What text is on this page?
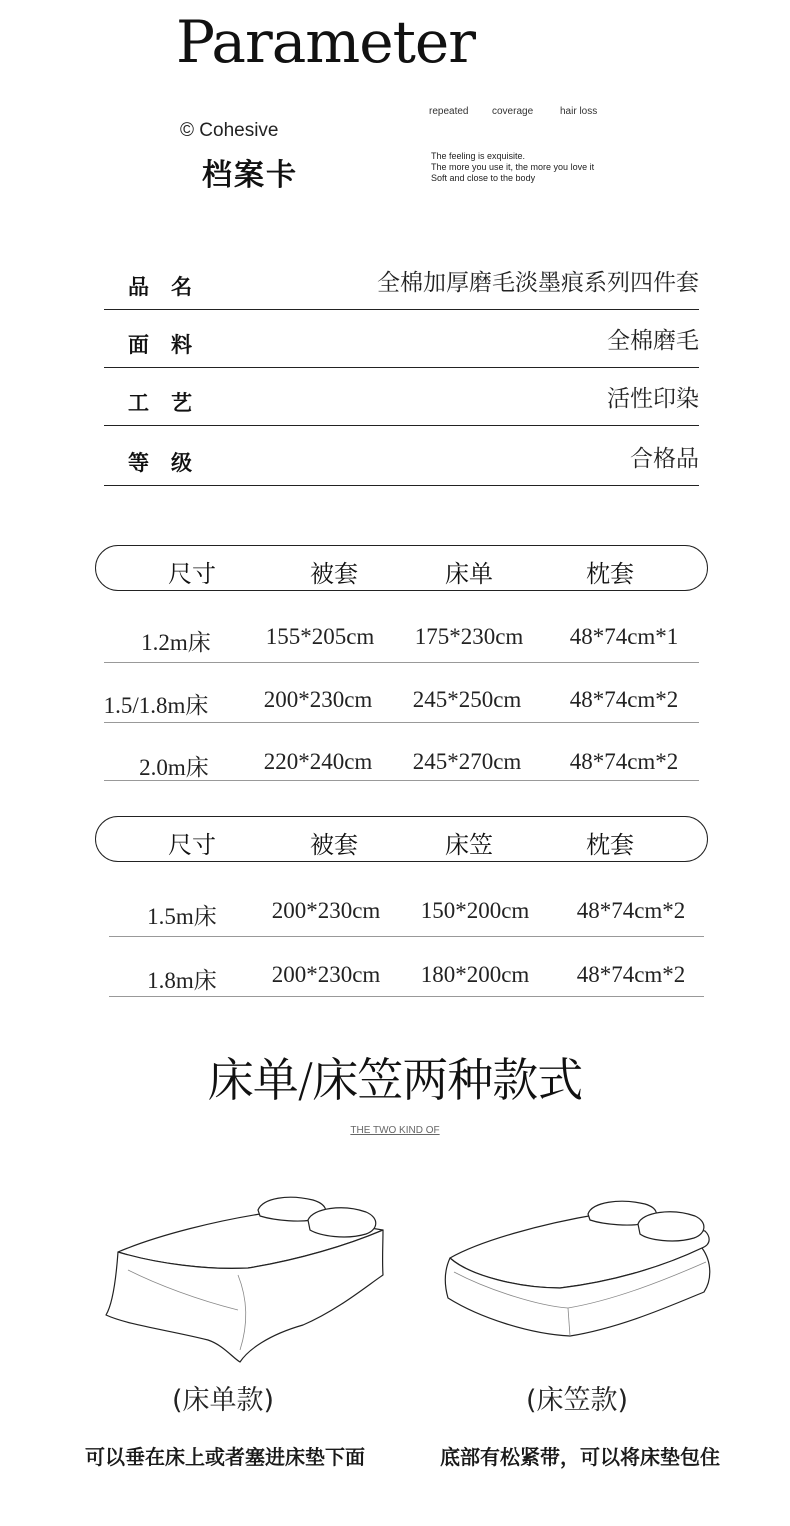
Parameter
© Cohesive
档案卡
repeated coverage	hair loss
The feeling is exquisite.
The more you use it, the more you love it
Soft and close to the body
品名	全棉加厚磨毛淡墨痕系列四件套
面料	全棉磨毛
工艺	活性印染
等级	合格品
尺寸	被套	床单	枕套
1.2m床	155*205cm	175*230cm	48*74cm*1
1.5/1.8m床	200*230cm	245*250cm	48*74cm*2
2.0m床	220*240cm	245*270cm	48*74cm*2
尺寸	被套	床笠	枕套
1.5m床	200*230cm	150*200cm	48*74cm*2
1.8m床	200*230cm	180*200cm	48*74cm*2
床单/床笠两种款式
THE TWO KIND OF
(床单款)	(床笠款)
可以垂在床上或者塞进床垫下面	底部有松紧带，可以将床垫包住
